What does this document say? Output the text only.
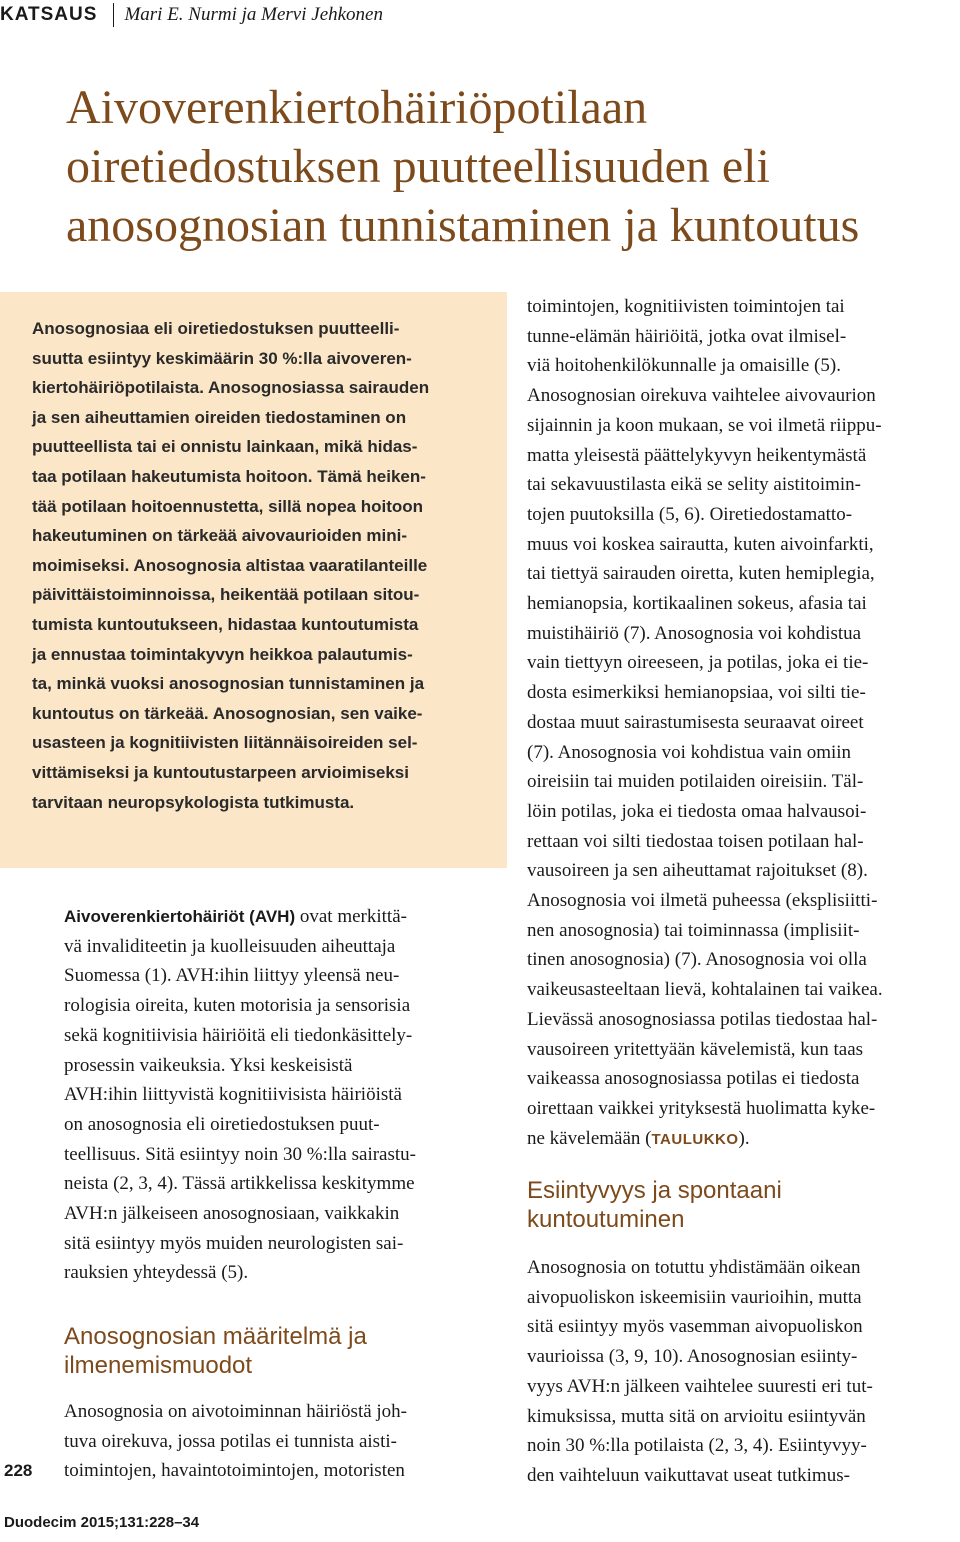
KATSAUS Mari E. Nurmi ja Mervi Jehkonen
Aivoverenkiertohäiriöpotilaan
oiretiedostuksen puutteellisuuden eli
anosognosian tunnistaminen ja kuntoutus

Anosognosiaa eli oiretiedostuksen puutteelli-
suutta esiintyy keskimäärin 30 %:lla aivoveren-
kiertohäiriöpotilaista. Anosognosiassa sairauden
ja sen aiheuttamien oireiden tiedostaminen on
puutteellista tai ei onnistu lainkaan, mikä hidas-
taa potilaan hakeutumista hoitoon. Tämä heiken-
tää potilaan hoitoennustetta, sillä nopea hoitoon
hakeutuminen on tärkeää aivovaurioiden mini-
moimiseksi. Anosognosia altistaa vaaratilanteille
päivittäistoiminnoissa, heikentää potilaan sitou-
tumista kuntoutukseen, hidastaa kuntoutumista
ja ennustaa toimintakyvyn heikkoa palautumis-
ta, minkä vuoksi anosognosian tunnistaminen ja
kuntoutus on tärkeää. Anosognosian, sen vaike-
usasteen ja kognitiivisten liitännäisoireiden sel-
vittämiseksi ja kuntoutustarpeen arvioimiseksi
tarvitaan neuropsykologista tutkimusta.

Aivoverenkiertohäiriöt (AVH) ovat merkittä-
vä invaliditeetin ja kuolleisuuden aiheuttaja
Suomessa (1). AVH:ihin liittyy yleensä neu-
rologisia oireita, kuten motorisia ja sensorisia
sekä kognitiivisia häiriöitä eli tiedonkäsittely-
prosessin vaikeuksia. Yksi keskeisistä
AVH:ihin liittyvistä kognitiivisista häiriöistä
on anosognosia eli oiretiedostuksen puut-
teellisuus. Sitä esiintyy noin 30 %:lla sairastu-
neista (2, 3, 4). Tässä artikkelissa keskitymme
AVH:n jälkeiseen anosognosiaan, vaikkakin
sitä esiintyy myös muiden neurologisten sai-
rauksien yhteydessä (5).

Anosognosian määritelmä ja
ilmenemismuodot

Anosognosia on aivotoiminnan häiriöstä joh-
tuva oirekuva, jossa potilas ei tunnista aisti-
toimintojen, havaintotoimintojen, motoristen

toimintojen, kognitiivisten toimintojen tai
tunne-elämän häiriöitä, jotka ovat ilmisel-
viä hoitohenkilökunnalle ja omaisille (5).
Anosognosian oirekuva vaihtelee aivovaurion
sijainnin ja koon mukaan, se voi ilmetä riippu-
matta yleisestä päättelykyvyn heikentymästä
tai sekavuustilasta eikä se selity aistitoimin-
tojen puutoksilla (5, 6). Oiretiedostamatto-
muus voi koskea sairautta, kuten aivoinfarkti,
tai tiettyä sairauden oiretta, kuten hemiplegia,
hemianopsia, kortikaalinen sokeus, afasia tai
muistihäiriö (7). Anosognosia voi kohdistua
vain tiettyyn oireeseen, ja potilas, joka ei tie-
dosta esimerkiksi hemianopsiaa, voi silti tie-
dostaa muut sairastumisesta seuraavat oireet
(7). Anosognosia voi kohdistua vain omiin
oireisiin tai muiden potilaiden oireisiin. Täl-
löin potilas, joka ei tiedosta omaa halvausoi-
rettaan voi silti tiedostaa toisen potilaan hal-
vausoireen ja sen aiheuttamat rajoitukset (8).
Anosognosia voi ilmetä puheessa (eksplisiitti-
nen anosognosia) tai toiminnassa (implisiit-
tinen anosognosia) (7). Anosognosia voi olla
vaikeusasteeltaan lievä, kohtalainen tai vaikea.
Lievässä anosognosiassa potilas tiedostaa hal-
vausoireen yritettyään kävelemistä, kun taas
vaikeassa anosognosiassa potilas ei tiedosta
oirettaan vaikkei yrityksestä huolimatta kyke-
ne kävelemään (TAULUKKO).

Esiintyvyys ja spontaani
kuntoutuminen

Anosognosia on totuttu yhdistämään oikean
aivopuoliskon iskeemisiin vaurioihin, mutta
sitä esiintyy myös vasemman aivopuoliskon
vaurioissa (3, 9, 10). Anosognosian esiinty-
vyys AVH:n jälkeen vaihtelee suuresti eri tut-
kimuksissa, mutta sitä on arvioitu esiintyvän
noin 30 %:lla potilaista (2, 3, 4). Esiintyvyy-
den vaihteluun vaikuttavat useat tutkimus-

228
Duodecim 2015;131:228–34
